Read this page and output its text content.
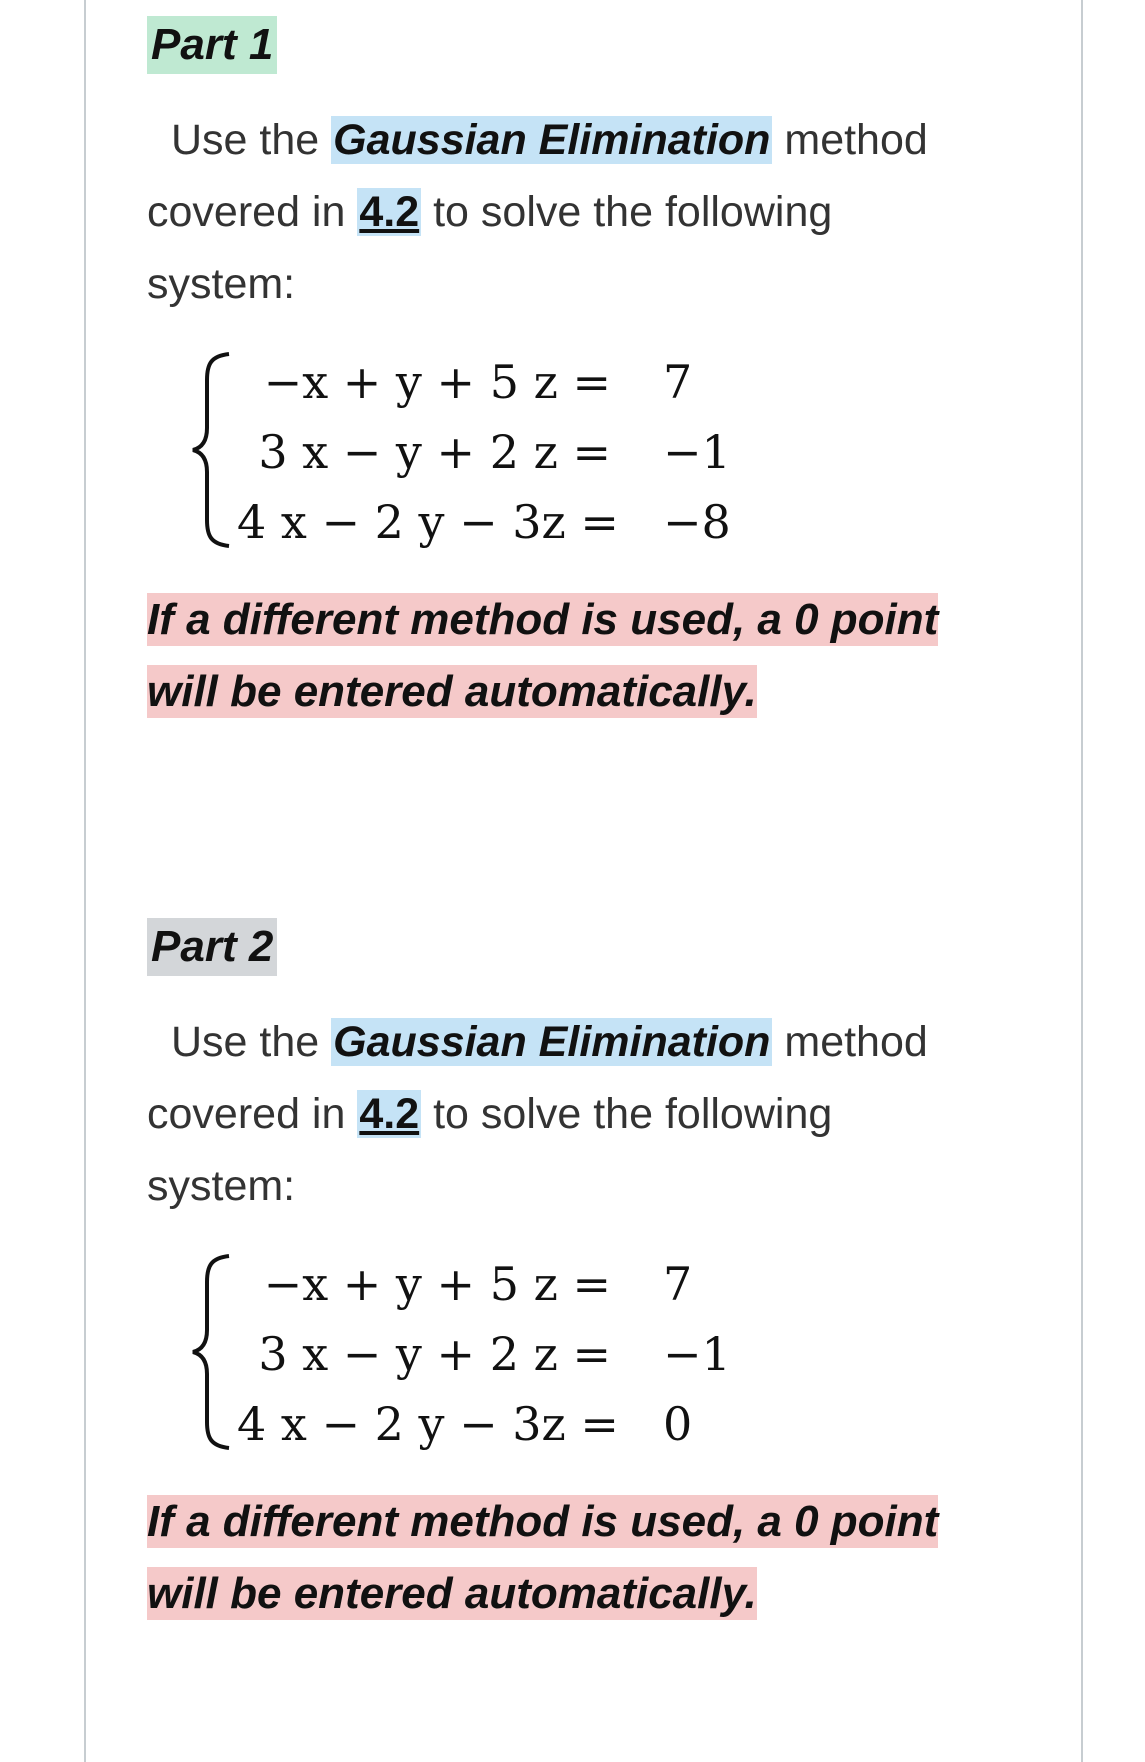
Part 1

Use the Gaussian Elimination method covered in 4.2 to solve the following system:

−x + y + 5 z = 7
3 x − y + 2 z = −1
4 x − 2 y − 3z = −8

If a different method is used, a 0 point will be entered automatically.

Part 2

Use the Gaussian Elimination method covered in 4.2 to solve the following system:

−x + y + 5 z = 7
3 x − y + 2 z = −1
4 x − 2 y − 3z = 0

If a different method is used, a 0 point will be entered automatically.
